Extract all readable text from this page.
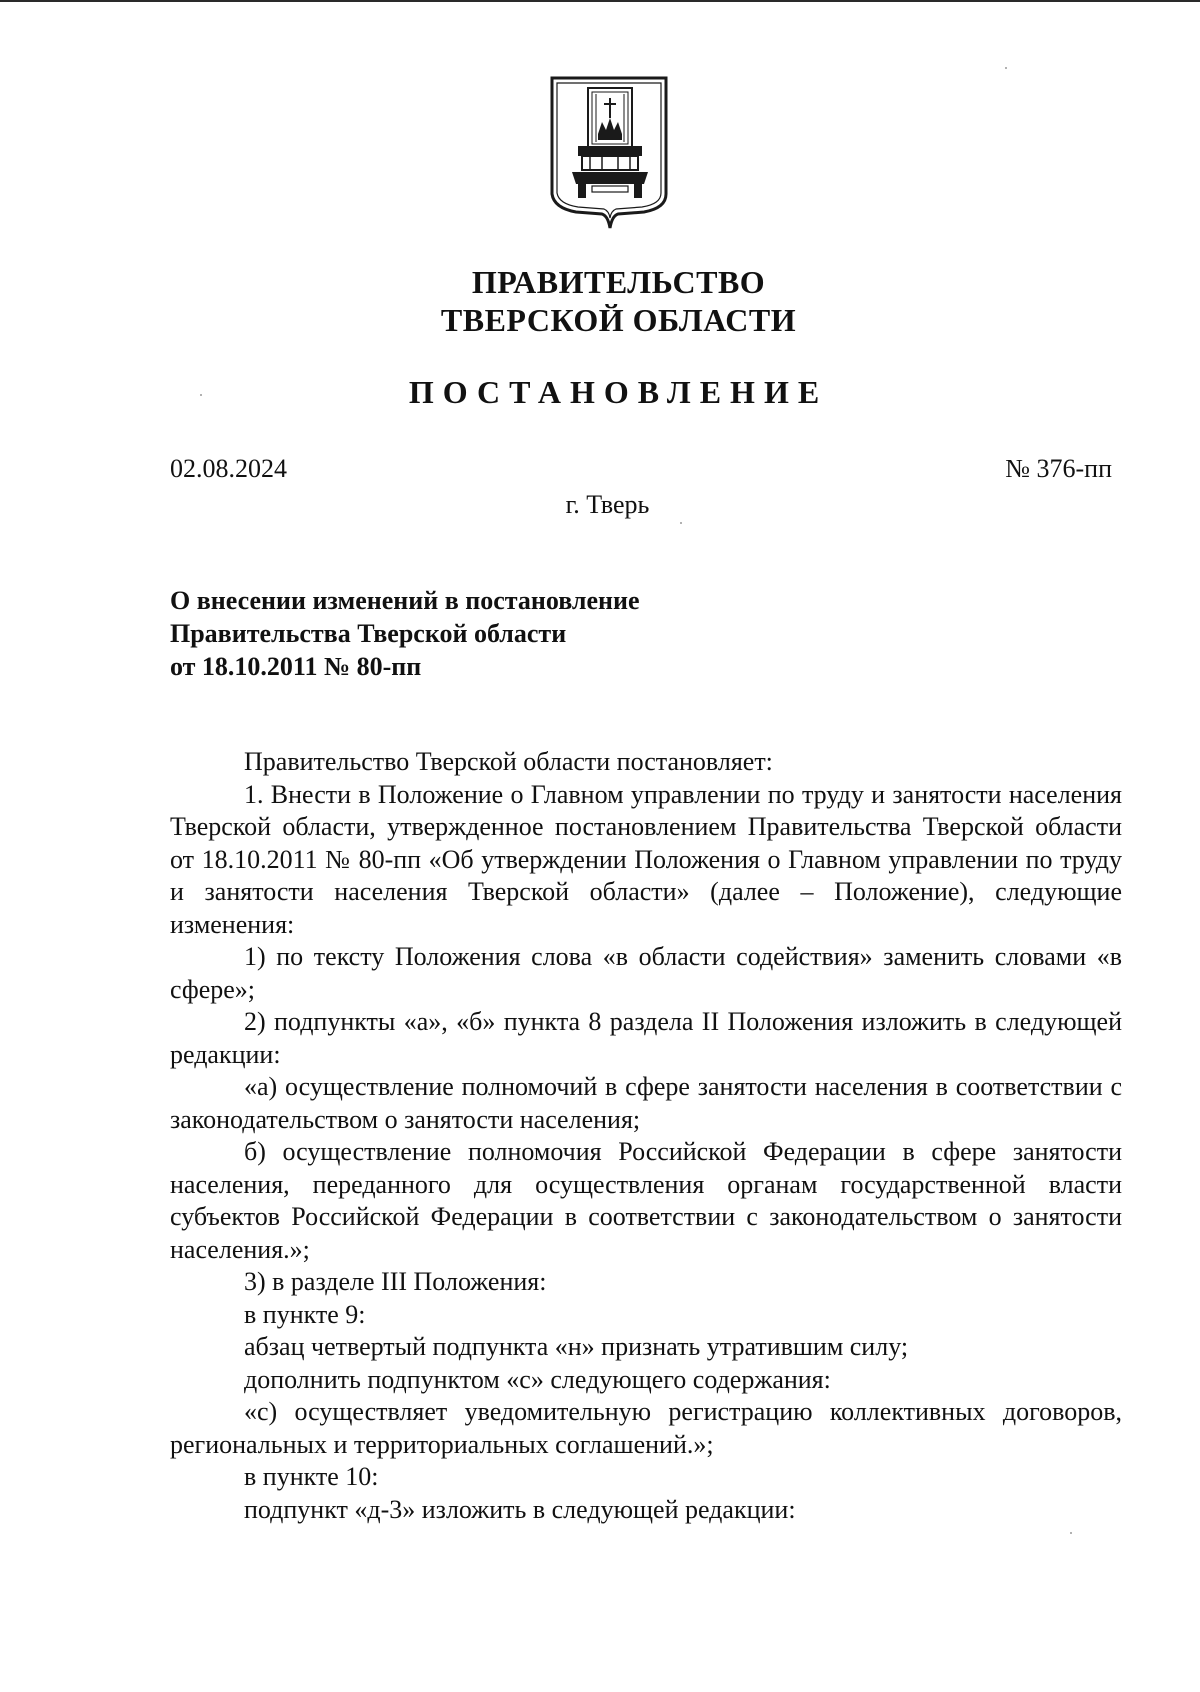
ПРАВИТЕЛЬСТВО
ТВЕРСКОЙ ОБЛАСТИ
ПОСТАНОВЛЕНИЕ
02.08.2024	№ 376-пп
г. Тверь
О внесении изменений в постановление
Правительства Тверской области
от 18.10.2011 № 80-пп

Правительство Тверской области постановляет:

1. Внести в Положение о Главном управлении по труду и занятости населения Тверской области, утвержденное постановлением Правительства Тверской области от 18.10.2011 № 80-пп «Об утверждении Положения о Главном управлении по труду и занятости населения Тверской области» (далее – Положение), следующие изменения:

1) по тексту Положения слова «в области содействия» заменить словами «в сфере»;

2) подпункты «а», «б» пункта 8 раздела II Положения изложить в следующей редакции:

«а) осуществление полномочий в сфере занятости населения в соответствии с законодательством о занятости населения;

б) осуществление полномочия Российской Федерации в сфере занятости населения, переданного для осуществления органам государственной власти субъектов Российской Федерации в соответствии с законодательством о занятости населения.»;

3) в разделе III Положения:

в пункте 9:

абзац четвертый подпункта «н» признать утратившим силу;

дополнить подпунктом «с» следующего содержания:

«с) осуществляет уведомительную регистрацию коллективных договоров, региональных и территориальных соглашений.»;

в пункте 10:

подпункт «д-3» изложить в следующей редакции:
